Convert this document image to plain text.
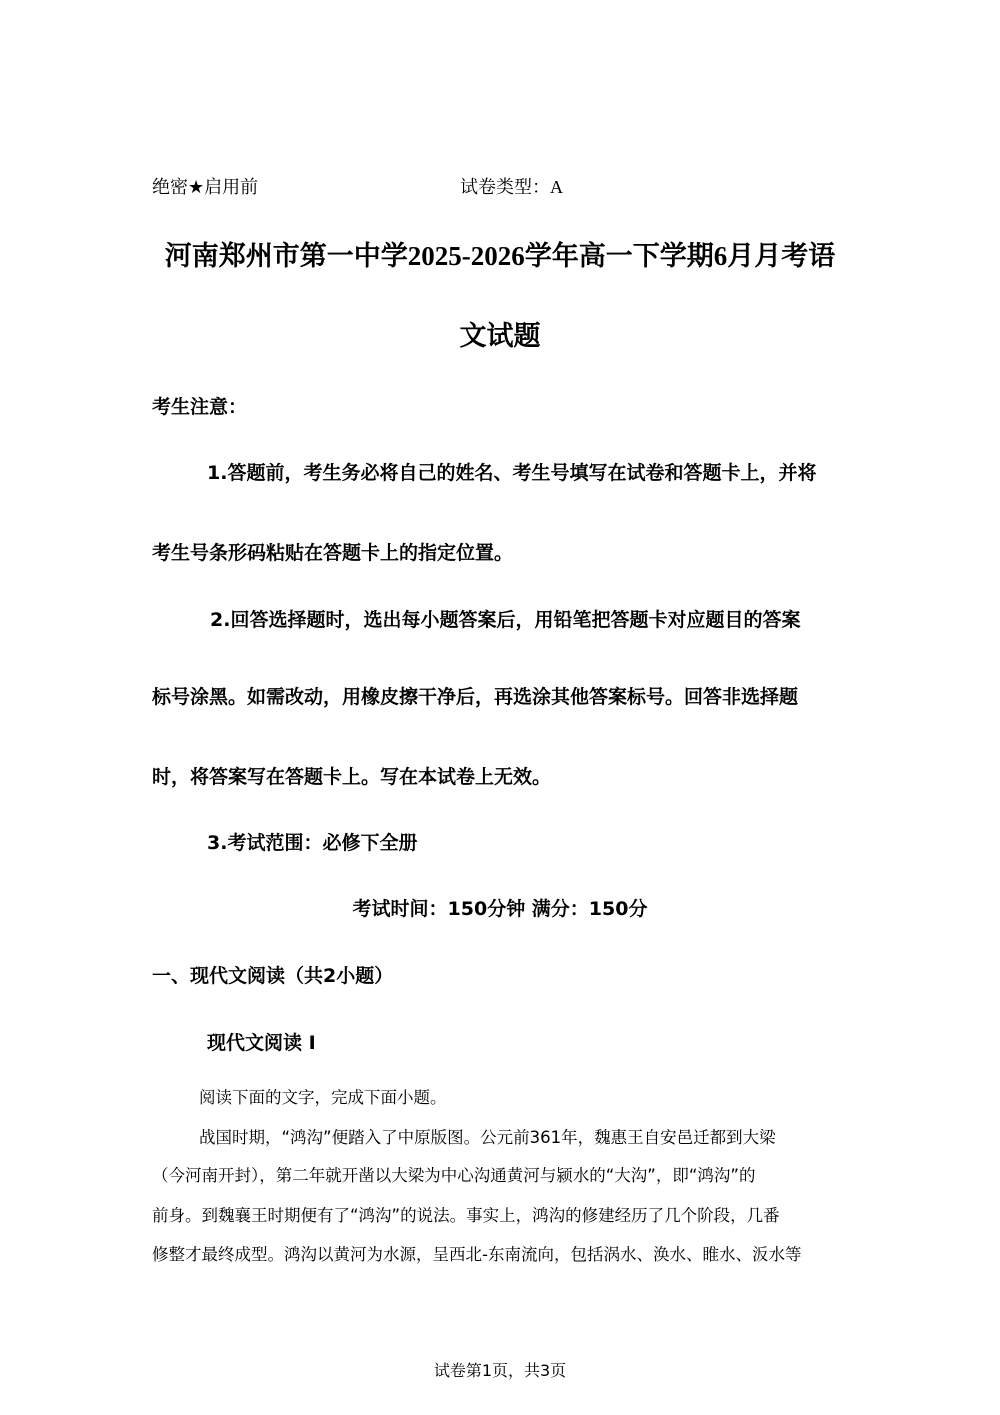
绝密★启用前	试卷类型：A
河南郑州市第一中学2025-2026学年高一下学期6月月考语
文试题
考生注意：
1.答题前，考生务必将自己的姓名、考生号填写在试卷和答题卡上，并将
考生号条形码粘贴在答题卡上的指定位置。
2.回答选择题时，选出每小题答案后，用铅笔把答题卡对应题目的答案
标号涂黑。如需改动，用橡皮擦干净后，再选涂其他答案标号。回答非选择题
时，将答案写在答题卡上。写在本试卷上无效。
3.考试范围：必修下全册
考试时间：150分钟 满分：150分
一、现代文阅读（共2小题）
现代文阅读 I
阅读下面的文字，完成下面小题。
战国时期，“鸿沟”便踏入了中原版图。公元前361年，魏惠王自安邑迁都到大梁
（今河南开封），第二年就开凿以大梁为中心沟通黄河与颍水的“大沟”，即“鸿沟”的
前身。到魏襄王时期便有了“鸿沟”的说法。事实上，鸿沟的修建经历了几个阶段，几番
修整才最终成型。鸿沟以黄河为水源，呈西北-东南流向，包括涡水、涣水、睢水、汳水等
试卷第1页，共3页
